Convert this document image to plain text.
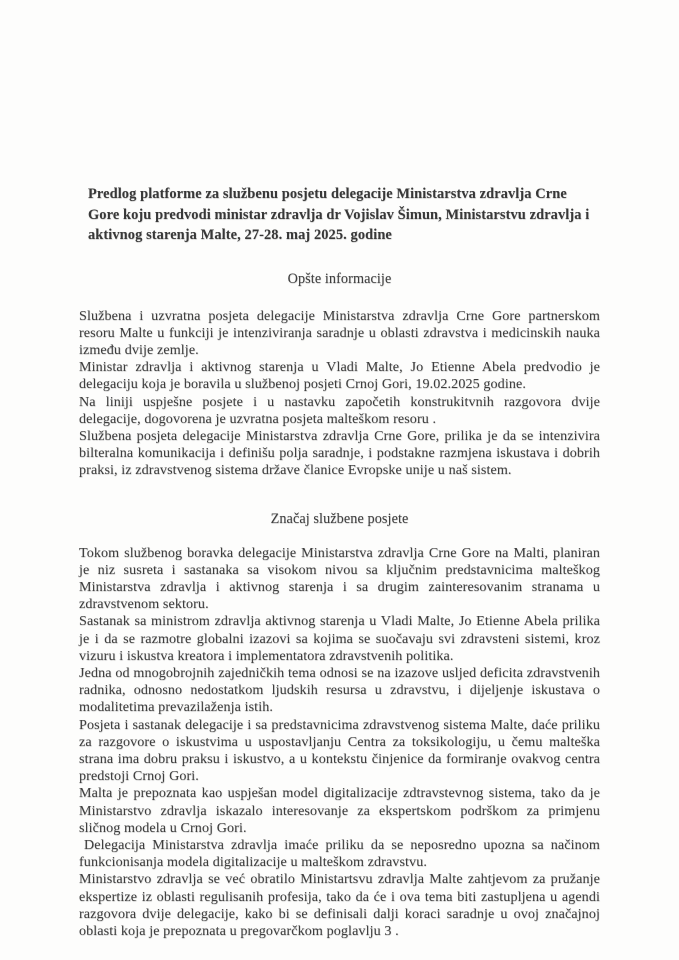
Predlog platforme za službenu posjetu delegacije Ministarstva zdravlja Crne Gore koju predvodi ministar zdravlja dr Vojislav Šimun, Ministarstvu zdravlja i aktivnog starenja Malte, 27-28. maj 2025. godine

Opšte informacije

Službena i uzvratna posjeta delegacije Ministarstva zdravlja Crne Gore partnerskom resoru Malte u funkciji je intenziviranja saradnje u oblasti zdravstva i medicinskih nauka između dvije zemlje.

Ministar zdravlja i aktivnog starenja u Vladi Malte, Jo Etienne Abela predvodio je delegaciju koja je boravila u službenoj posjeti Crnoj Gori, 19.02.2025 godine.

Na liniji uspješne posjete i u nastavku započetih konstrukitvnih razgovora dvije delegacije, dogovorena je uzvratna posjeta malteškom resoru .

Službena posjeta delegacije Ministarstva zdravlja Crne Gore, prilika je da se intenzivira bilteralna komunikacija i definišu polja saradnje, i podstakne razmjena iskustava i dobrih praksi, iz zdravstvenog sistema države članice Evropske unije u naš sistem.

Značaj službene posjete

Tokom službenog boravka delegacije Ministarstva zdravlja Crne Gore na Malti, planiran je niz susreta i sastanaka sa visokom nivou sa ključnim predstavnicima malteškog Ministarstva zdravlja i aktivnog starenja i sa drugim zainteresovanim stranama u zdravstvenom sektoru.

Sastanak sa ministrom zdravlja aktivnog starenja u Vladi Malte, Jo Etienne Abela prilika je i da se razmotre globalni izazovi sa kojima se suočavaju svi zdravsteni sistemi, kroz vizuru i iskustva kreatora i implementatora zdravstvenih politika.

Jedna od mnogobrojnih zajedničkih tema odnosi se na izazove usljed deficita zdravstvenih radnika, odnosno nedostatkom ljudskih resursa u zdravstvu, i dijeljenje iskustava o modalitetima prevazilaženja istih.

Posjeta i sastanak delegacije i sa predstavnicima zdravstvenog sistema Malte, daće priliku za razgovore o iskustvima u uspostavljanju Centra za toksikologiju, u čemu malteška strana ima dobru praksu i iskustvo, a u kontekstu činjenice da formiranje ovakvog centra predstoji Crnoj Gori.

Malta je prepoznata kao uspješan model digitalizacije zdtravstevnog sistema, tako da je Ministarstvo zdravlja iskazalo interesovanje za ekspertskom podrškom za primjenu sličnog modela u Crnoj Gori.

Delegacija Ministarstva zdravlja imaće priliku da se neposredno upozna sa načinom funkcionisanja modela digitalizacije u malteškom zdravstvu.

Ministarstvo zdravlja se već obratilo Ministartsvu zdravlja Malte zahtjevom za pružanje ekspertize iz oblasti regulisanih profesija, tako da će i ova tema biti zastupljena u agendi razgovora dvije delegacije, kako bi se definisali dalji koraci saradnje u ovoj značajnoj oblasti koja je prepoznata u pregovarčkom poglavlju 3 .
